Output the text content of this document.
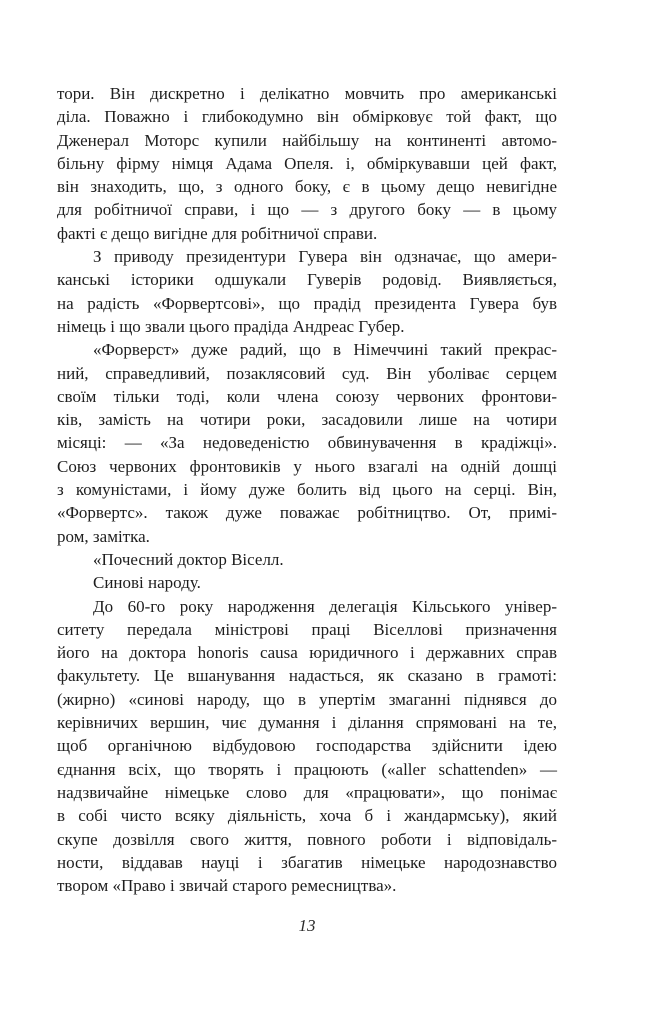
тори. Він дискретно і делікатно мовчить про американські
діла. Поважно і глибокодумно він обмірковує той факт, що
Дженерал Моторс купили найбільшу на континенті автомо-
більну фірму німця Адама Опеля. і, обміркувавши цей факт,
він знаходить, що, з одного боку, є в цьому дещо невигідне
для робітничої справи, і що — з другого боку — в цьому
факті є дещо вигідне для робітничої справи.
З приводу президентури Гувера він одзначає, що амери-
канські історики одшукали Гуверів родовід. Виявляється,
на радість «Форвертсові», що прадід президента Гувера був
німець і що звали цього прадіда Андреас Губер.
«Форверст» дуже радий, що в Німеччині такий прекрас-
ний, справедливий, позаклясовий суд. Він уболіває серцем
своїм тільки тоді, коли члена союзу червоних фронтови-
ків, замість на чотири роки, засадовили лише на чотири
місяці: — «За недоведеністю обвинувачення в крадіжці».
Союз червоних фронтовиків у нього взагалі на одній дошці
з комуністами, і йому дуже болить від цього на серці. Він,
«Форвертс». також дуже поважає робітництво. От, примі-
ром, замітка.
«Почесний доктор Віселл.
Синові народу.
До 60-го року народження делегація Кільського універ-
ситету передала міністрові праці Віселлові призначення
його на доктора honoris causa юридичного і державних справ
факультету. Це вшанування надасться, як сказано в грамоті:
(жирно) «синові народу, що в упертім змаганні піднявся до
керівничих вершин, чиє думання і ділання спрямовані на те,
щоб органічною відбудовою господарства здійснити ідею
єднання всіх, що творять і працюють («aller schattenden» —
надзвичайне німецьке слово для «працювати», що понімає
в собі чисто всяку діяльність, хоча б і жандармську), який
скупе дозвілля свого життя, повного роботи і відповідаль-
ности, віддавав науці і збагатив німецьке народознавство
твором «Право і звичай старого ремесництва».
13
